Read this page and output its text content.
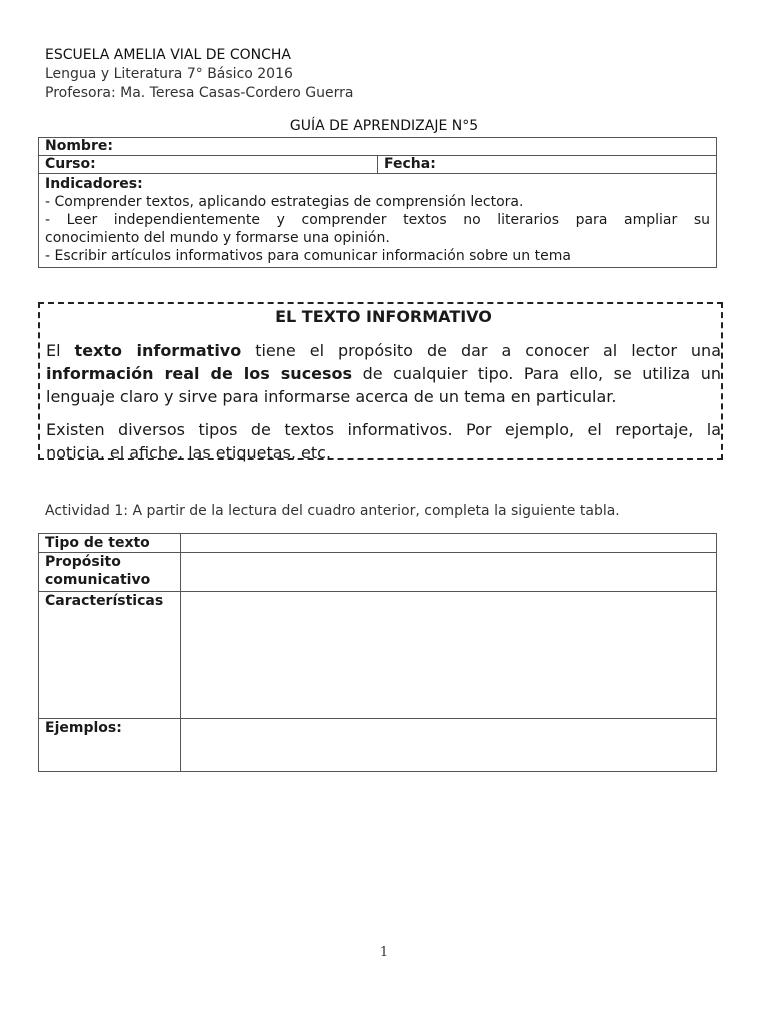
ESCUELA AMELIA VIAL DE CONCHA
Lengua y Literatura 7° Básico 2016
Profesora: Ma. Teresa Casas-Cordero Guerra
GUÍA DE APRENDIZAJE N°5
Nombre:
Curso:	Fecha:

Indicadores:

- Comprender textos, aplicando estrategias de comprensión lectora.

- Leer independientemente y comprender textos no literarios para ampliar su

conocimiento del mundo y formarse una opinión.

- Escribir artículos informativos para comunicar información sobre un tema

EL TEXTO INFORMATIVO

El texto informativo tiene el propósito de dar a conocer al lector una

información real de los sucesos de cualquier tipo. Para ello, se utiliza un

lenguaje claro y sirve para informarse acerca de un tema en particular.

Existen diversos tipos de textos informativos. Por ejemplo, el reportaje, la

noticia, el afiche, las etiquetas, etc.

Actividad 1: A partir de la lectura del cuadro anterior, completa la siguiente tabla.
Tipo de texto	
Propósito
comunicativo	
Características	
Ejemplos:	
1
